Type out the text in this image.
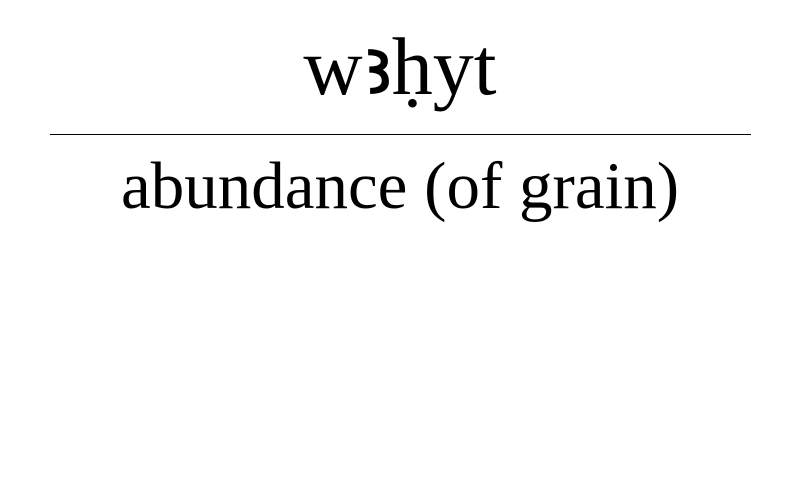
wꜣḥyt
abundance (of grain)
